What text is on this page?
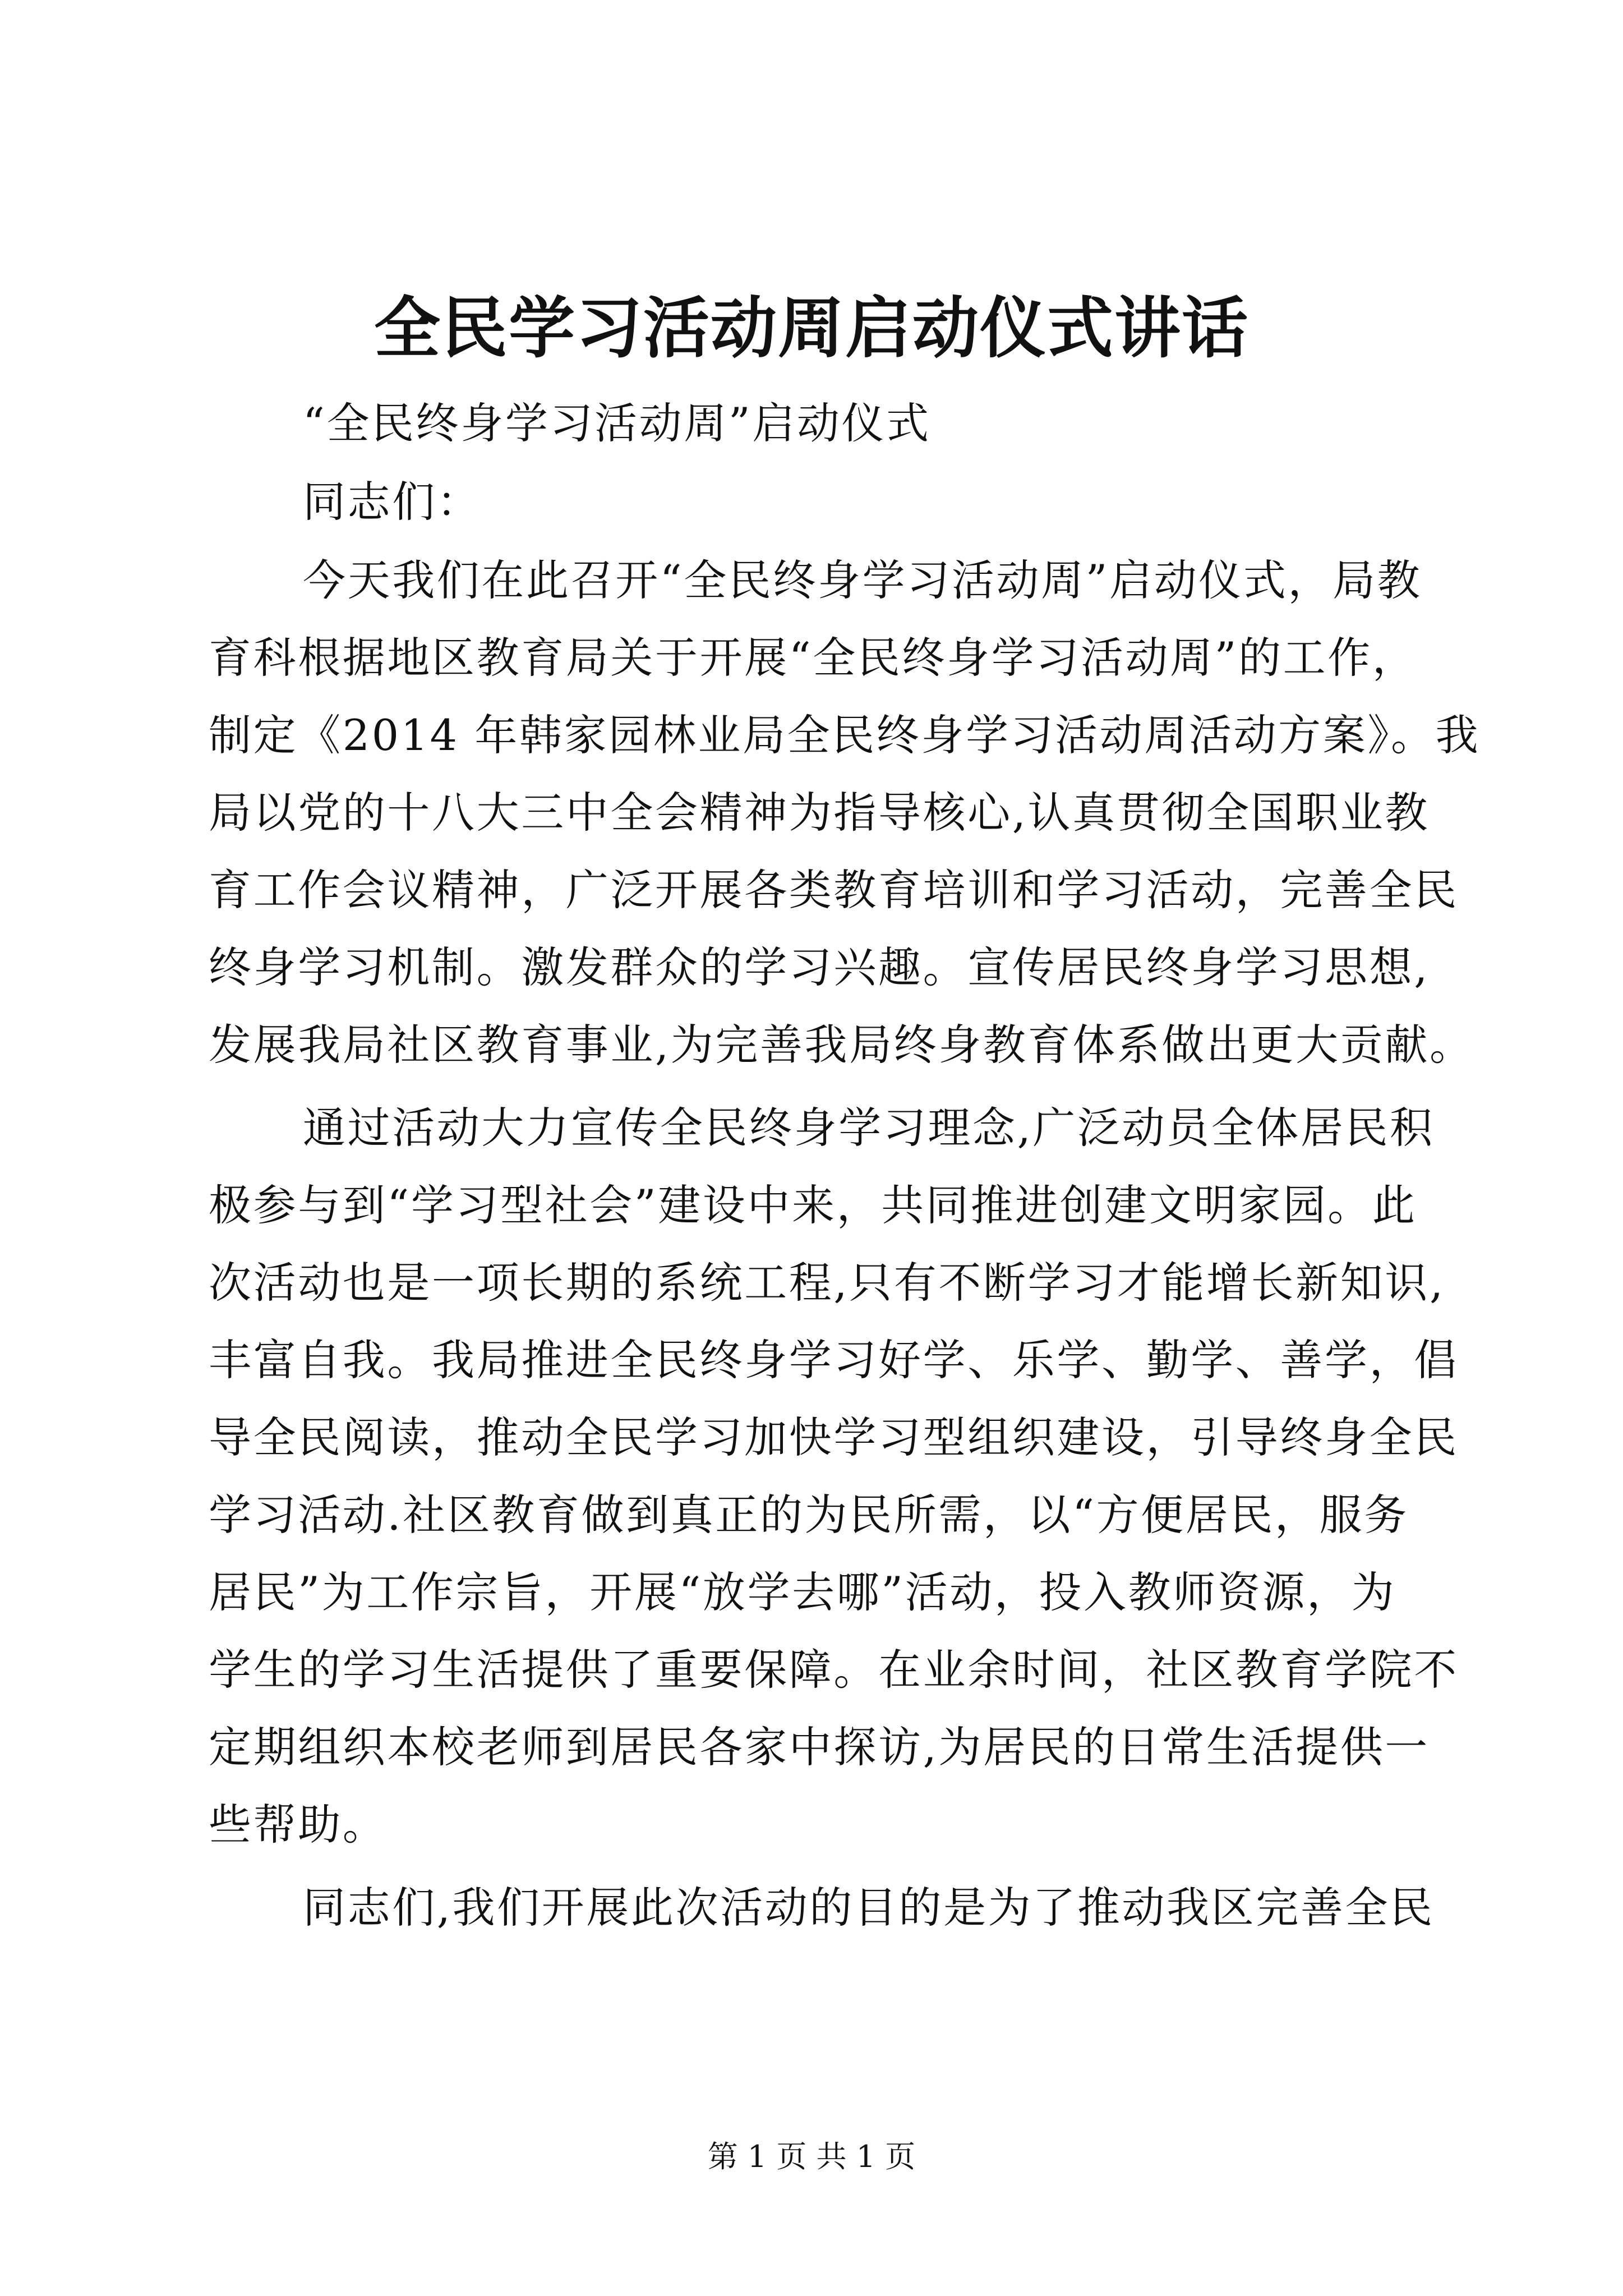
全民学习活动周启动仪式讲话
“全民终身学习活动周”启动仪式
同志们：
今天我们在此召开“全民终身学习活动周”启动仪式，局教
育科根据地区教育局关于开展“全民终身学习活动周”的工作，
制定《2014 年韩家园林业局全民终身学习活动周活动方案》。我
局以党的十八大三中全会精神为指导核心,认真贯彻全国职业教
育工作会议精神，广泛开展各类教育培训和学习活动，完善全民
终身学习机制。激发群众的学习兴趣。宣传居民终身学习思想,
发展我局社区教育事业,为完善我局终身教育体系做出更大贡献。
通过活动大力宣传全民终身学习理念,广泛动员全体居民积
极参与到“学习型社会”建设中来，共同推进创建文明家园。此
次活动也是一项长期的系统工程,只有不断学习才能增长新知识,
丰富自我。我局推进全民终身学习好学、乐学、勤学、善学，倡
导全民阅读，推动全民学习加快学习型组织建设，引导终身全民
学习活动.社区教育做到真正的为民所需，以“方便居民，服务
居民”为工作宗旨，开展“放学去哪”活动，投入教师资源，为
学生的学习生活提供了重要保障。在业余时间，社区教育学院不
定期组织本校老师到居民各家中探访,为居民的日常生活提供一
些帮助。
同志们,我们开展此次活动的目的是为了推动我区完善全民
第 1 页 共 1 页
